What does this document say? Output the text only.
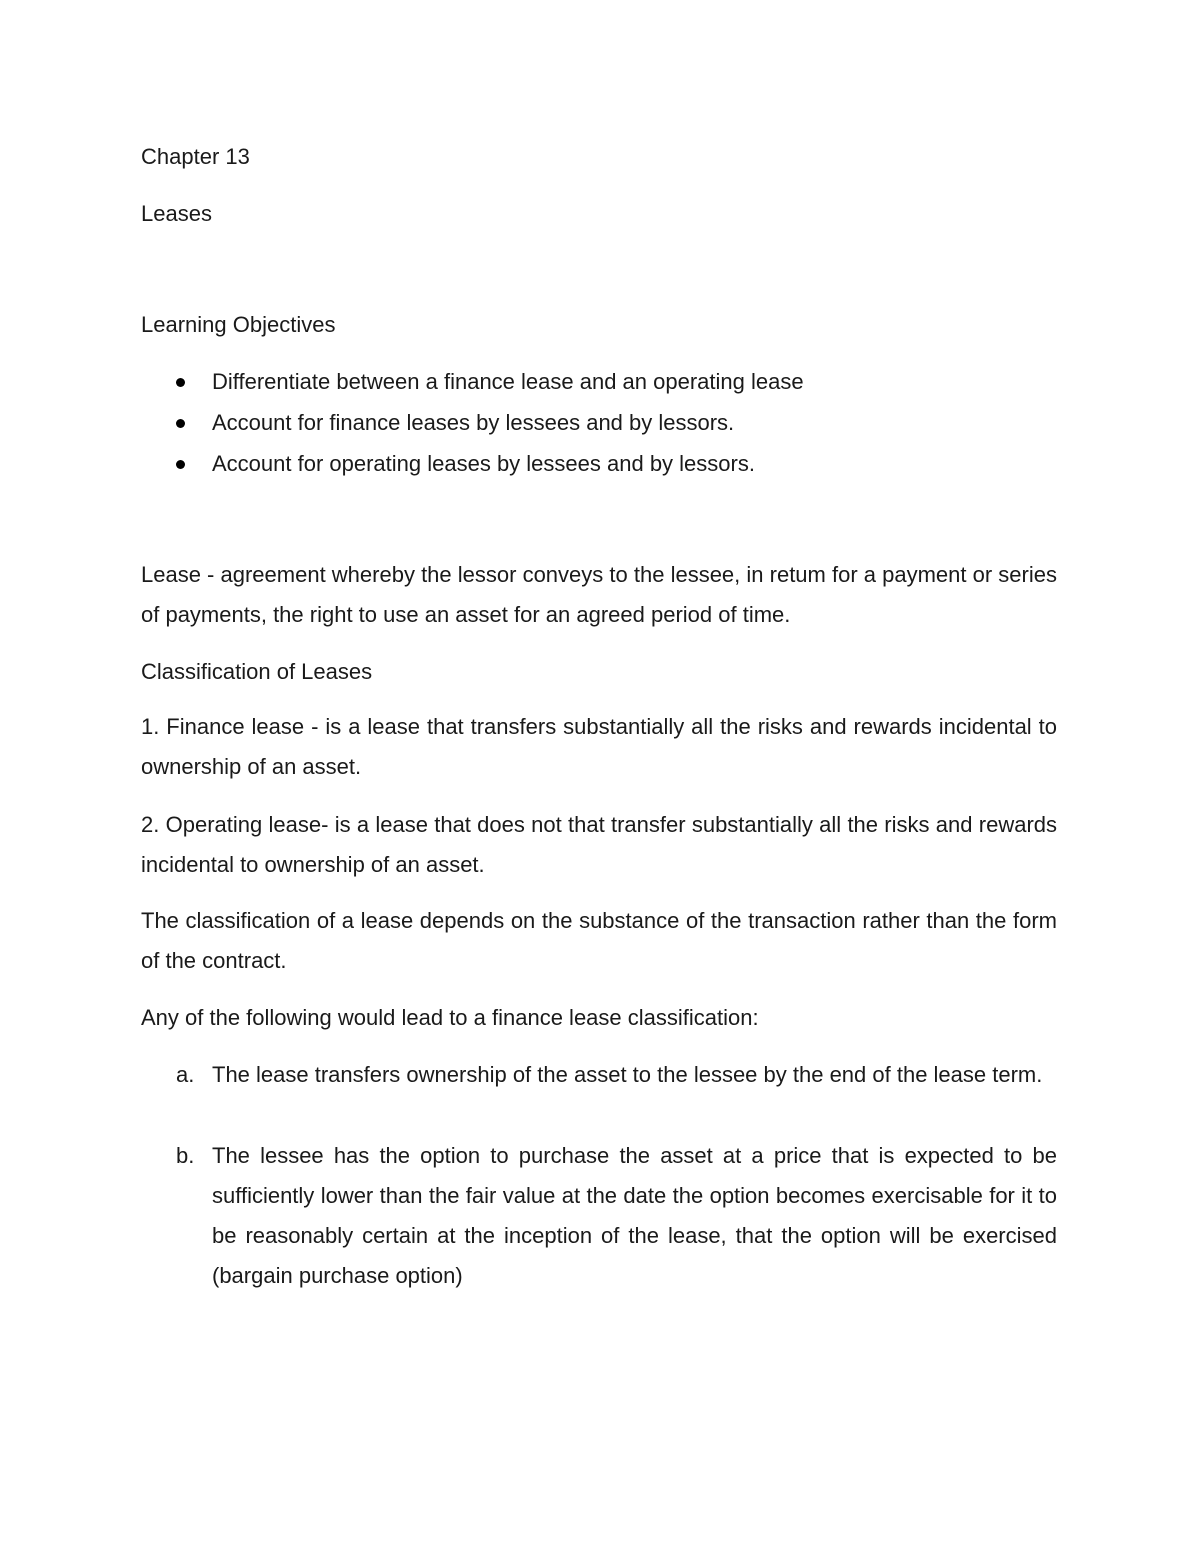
Chapter 13
Leases
Learning Objectives
Differentiate between a finance lease and an operating lease
Account for finance leases by lessees and by lessors.
Account for operating leases by lessees and by lessors.
Lease - agreement whereby the lessor conveys to the lessee, in retum for a payment or series of payments, the right to use an asset for an agreed period of time.
Classification of Leases
1. Finance lease - is a lease that transfers substantially all the risks and rewards incidental to ownership of an asset.
2. Operating lease- is a lease that does not that transfer substantially all the risks and rewards incidental to ownership of an asset.
The classification of a lease depends on the substance of the transaction rather than the form of the contract.
Any of the following would lead to a finance lease classification:
a. The lease transfers ownership of the asset to the lessee by the end of the lease term.
b. The lessee has the option to purchase the asset at a price that is expected to be sufficiently lower than the fair value at the date the option becomes exercisable for it to be reasonably certain at the inception of the lease, that the option will be exercised (bargain purchase option)
